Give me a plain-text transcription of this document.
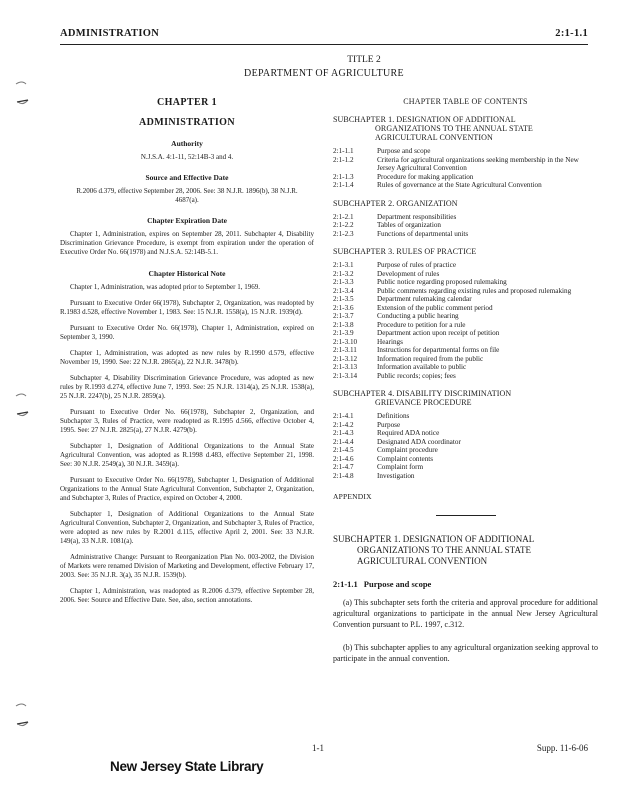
ADMINISTRATION	2:1-1.1
TITLE 2
DEPARTMENT OF AGRICULTURE
CHAPTER 1
ADMINISTRATION
Authority
N.J.S.A. 4:1-11, 52:14B-3 and 4.
Source and Effective Date
R.2006 d.379, effective September 28, 2006. See: 38 N.J.R. 1896(b), 38 N.J.R. 4687(a).
Chapter Expiration Date
Chapter 1, Administration, expires on September 28, 2011. Subchapter 4, Disability Discrimination Grievance Procedure, is exempt from expiration under the operation of Executive Order No. 66(1978) and N.J.S.A. 52:14B-5.1.
Chapter Historical Note
Chapter 1, Administration, was adopted prior to September 1, 1969.
Pursuant to Executive Order 66(1978), Subchapter 2, Organization, was readopted by R.1983 d.528, effective November 1, 1983. See: 15 N.J.R. 1558(a), 15 N.J.R. 1939(d).
Pursuant to Executive Order No. 66(1978), Chapter 1, Administration, expired on September 3, 1990.
Chapter 1, Administration, was adopted as new rules by R.1990 d.579, effective November 19, 1990. See: 22 N.J.R. 2865(a), 22 N.J.R. 3478(b).
Subchapter 4, Disability Discrimination Grievance Procedure, was adopted as new rules by R.1993 d.274, effective June 7, 1993. See: 25 N.J.R. 1314(a), 25 N.J.R. 1538(a), 25 N.J.R. 2247(b), 25 N.J.R. 2859(a).
Pursuant to Executive Order No. 66(1978), Subchapter 2, Organization, and Subchapter 3, Rules of Practice, were readopted as R.1995 d.566, effective October 4, 1995. See: 27 N.J.R. 2825(a), 27 N.J.R. 4279(b).
Subchapter 1, Designation of Additional Organizations to the Annual State Agricultural Convention, was adopted as R.1998 d.483, effective September 21, 1998. See: 30 N.J.R. 2549(a), 30 N.J.R. 3459(a).
Pursuant to Executive Order No. 66(1978), Subchapter 1, Designation of Additional Organizations to the Annual State Agricultural Convention, Subchapter 2, Organization, and Subchapter 3, Rules of Practice, expired on October 4, 2000.
Subchapter 1, Designation of Additional Organizations to the Annual State Agricultural Convention, Subchapter 2, Organization, and Subchapter 3, Rules of Practice, were adopted as new rules by R.2001 d.115, effective April 2, 2001. See: 33 N.J.R. 149(a), 33 N.J.R. 1081(a).
Administrative Change: Pursuant to Reorganization Plan No. 003-2002, the Division of Markets were renamed Division of Marketing and Development, effective February 17, 2003. See: 35 N.J.R. 3(a), 35 N.J.R. 1539(b).
Chapter 1, Administration, was readopted as R.2006 d.379, effective September 28, 2006. See: Source and Effective Date. See, also, section annotations.
CHAPTER TABLE OF CONTENTS
SUBCHAPTER 1. DESIGNATION OF ADDITIONAL
ORGANIZATIONS TO THE ANNUAL STATE
AGRICULTURAL CONVENTION
2:1-1.1	Purpose and scope
2:1-1.2	Criteria for agricultural organizations seeking membership in the New Jersey Agricultural Convention
2:1-1.3	Procedure for making application
2:1-1.4	Rules of governance at the State Agricultural Convention
SUBCHAPTER 2. ORGANIZATION
2:1-2.1	Department responsibilities
2:1-2.2	Tables of organization
2:1-2.3	Functions of departmental units
SUBCHAPTER 3. RULES OF PRACTICE
2:1-3.1	Purpose of rules of practice
2:1-3.2	Development of rules
2:1-3.3	Public notice regarding proposed rulemaking
2:1-3.4	Public comments regarding existing rules and proposed rulemaking
2:1-3.5	Department rulemaking calendar
2:1-3.6	Extension of the public comment period
2:1-3.7	Conducting a public hearing
2:1-3.8	Procedure to petition for a rule
2:1-3.9	Department action upon receipt of petition
2:1-3.10	Hearings
2:1-3.11	Instructions for departmental forms on file
2:1-3.12	Information required from the public
2:1-3.13	Information available to public
2:1-3.14	Public records; copies; fees
SUBCHAPTER 4. DISABILITY DISCRIMINATION
GRIEVANCE PROCEDURE
2:1-4.1	Definitions
2:1-4.2	Purpose
2:1-4.3	Required ADA notice
2:1-4.4	Designated ADA coordinator
2:1-4.5	Complaint procedure
2:1-4.6	Complaint contents
2:1-4.7	Complaint form
2:1-4.8	Investigation
APPENDIX
SUBCHAPTER 1. DESIGNATION OF ADDITIONAL
ORGANIZATIONS TO THE ANNUAL STATE
AGRICULTURAL CONVENTION
2:1-1.1 Purpose and scope
(a) This subchapter sets forth the criteria and approval procedure for additional agricultural organizations to participate in the annual New Jersey Agricultural Convention pursuant to P.L. 1997, c.312.
(b) This subchapter applies to any agricultural organization seeking approval to participate in the annual convention.
1-1	Supp. 11-6-06
New Jersey State Library
